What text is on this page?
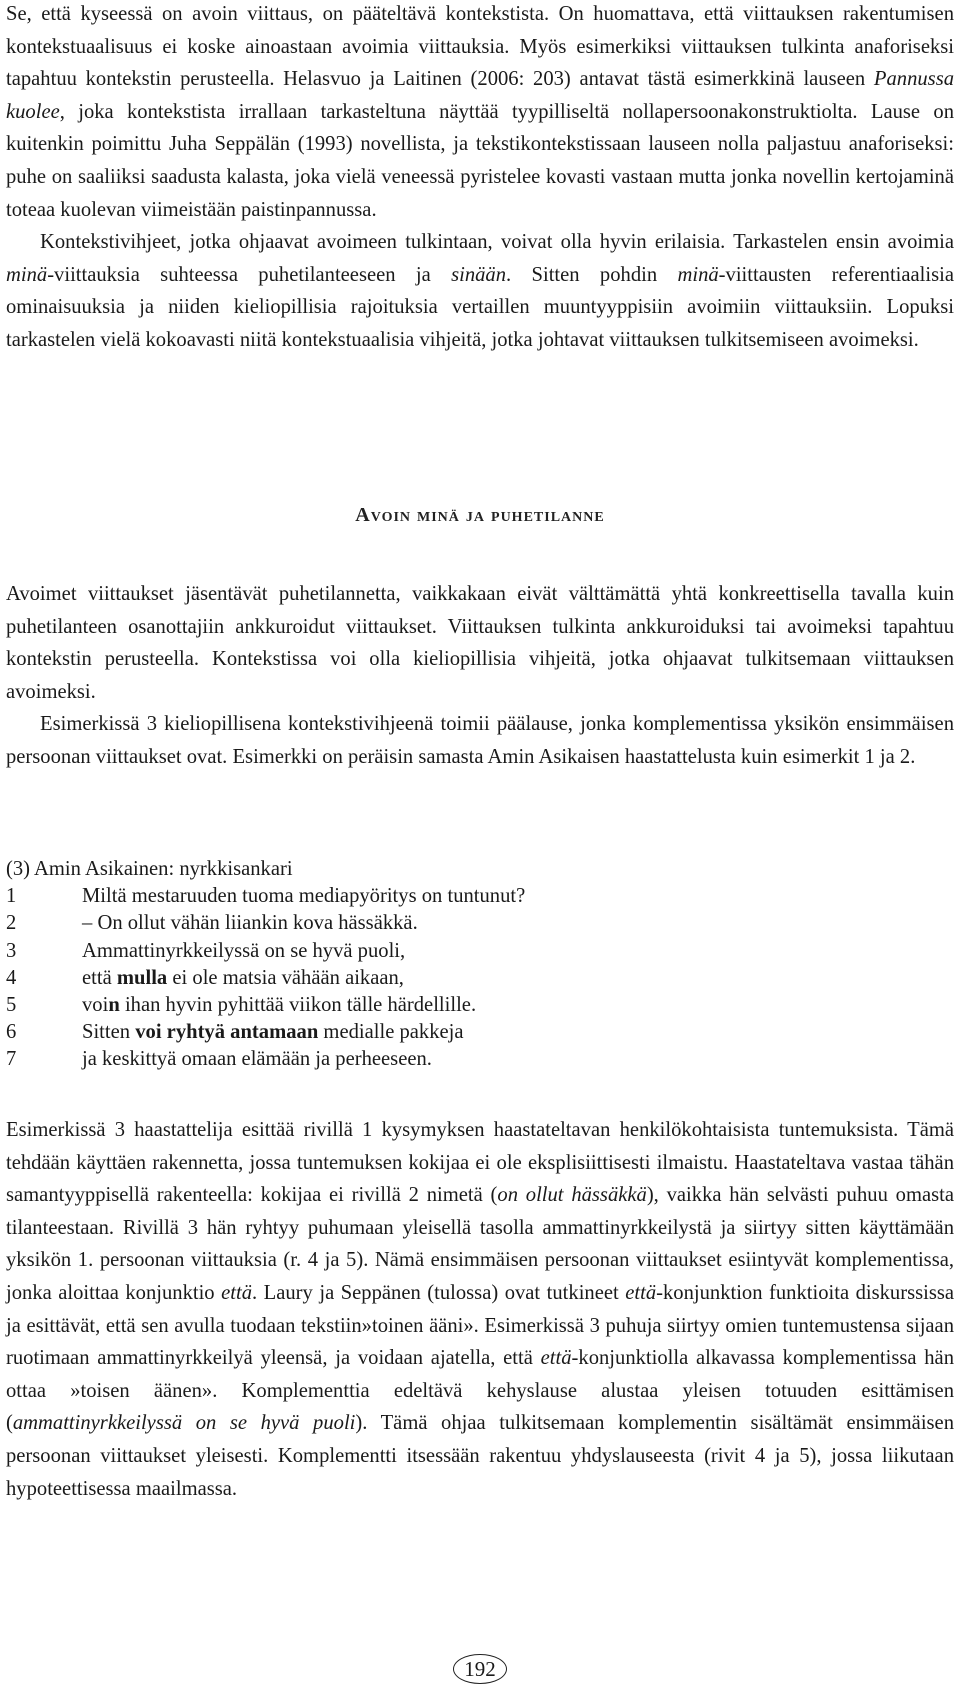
Se, että kyseessä on avoin viittaus, on pääteltävä kontekstista. On huomattava, että viittauksen rakentumisen kontekstuaalisuus ei koske ainoastaan avoimia viittauksia. Myös esimerkiksi viittauksen tulkinta anaforiseksi tapahtuu kontekstin perusteella. Helasvuo ja Laitinen (2006: 203) antavat tästä esimerkkinä lauseen Pannussa kuolee, joka kontekstista irrallaan tarkasteltuna näyttää tyypilliseltä nollapersoonakonstruktiolta. Lause on kuitenkin poimittu Juha Seppälän (1993) novellista, ja tekstikontekstissaan lauseen nolla paljastuu anaforiseksi: puhe on saaliiksi saadusta kalasta, joka vielä veneessä pyristelee kovasti vastaan mutta jonka novellin kertojaminä toteaa kuolevan viimeistään paistinpannussa.

Kontekstivihjeet, jotka ohjaavat avoimeen tulkintaan, voivat olla hyvin erilaisia. Tarkastelen ensin avoimia minä-viittauksia suhteessa puhetilanteeseen ja sinään. Sitten pohdin minä-viittausten referentiaalisia ominaisuuksia ja niiden kieliopillisia rajoituksia vertaillen muuntyyppisiin avoimiin viittauksiin. Lopuksi tarkastelen vielä kokoavasti niitä kontekstuaalisia vihjeitä, jotka johtavat viittauksen tulkitsemiseen avoimeksi.

Avoin minä ja puhetilanne

Avoimet viittaukset jäsentävät puhetilannetta, vaikkakaan eivät välttämättä yhtä konkreettisella tavalla kuin puhetilanteen osanottajiin ankkuroidut viittaukset. Viittauksen tulkinta ankkuroiduksi tai avoimeksi tapahtuu kontekstin perusteella. Kontekstissa voi olla kieliopillisia vihjeitä, jotka ohjaavat tulkitsemaan viittauksen avoimeksi.

Esimerkissä 3 kieliopillisena kontekstivihjeenä toimii päälause, jonka komplementissa yksikön ensimmäisen persoonan viittaukset ovat. Esimerkki on peräisin samasta Amin Asikaisen haastattelusta kuin esimerkit 1 ja 2.

(3) Amin Asikainen: nyrkkisankari

1	Miltä mestaruuden tuoma mediapyöritys on tuntunut?
2	– On ollut vähän liiankin kova hässäkkä.
3	Ammattinyrkkeilyssä on se hyvä puoli,
4	että mulla ei ole matsia vähään aikaan,
5	voin ihan hyvin pyhittää viikon tälle härdellille.
6	Sitten voi ryhtyä antamaan medialle pakkeja
7	ja keskittyä omaan elämään ja perheeseen.

Esimerkissä 3 haastattelija esittää rivillä 1 kysymyksen haastateltavan henkilökohtaisista tuntemuksista. Tämä tehdään käyttäen rakennetta, jossa tuntemuksen kokijaa ei ole eksplisiittisesti ilmaistu. Haastateltava vastaa tähän samantyyppisellä rakenteella: kokijaa ei rivillä 2 nimetä (on ollut hässäkkä), vaikka hän selvästi puhuu omasta tilanteestaan. Rivillä 3 hän ryhtyy puhumaan yleisellä tasolla ammattinyrkkeilystä ja siirtyy sitten käyttämään yksikön 1. persoonan viittauksia (r. 4 ja 5). Nämä ensimmäisen persoonan viittaukset esiintyvät komplementissa, jonka aloittaa konjunktio että. Laury ja Seppänen (tulossa) ovat tutkineet että-konjunktion funktioita diskurssissa ja esittävät, että sen avulla tuodaan tekstiin»toinen ääni». Esimerkissä 3 puhuja siirtyy omien tuntemustensa sijaan ruotimaan ammattinyrkkeilyä yleensä, ja voidaan ajatella, että että-konjunktiolla alkavassa komplementissa hän ottaa »toisen äänen». Komplementtia edeltävä kehyslause alustaa yleisen totuuden esittämisen (ammattinyrkkeilyssä on se hyvä puoli). Tämä ohjaa tulkitsemaan komplementin sisältämät ensimmäisen persoonan viittaukset yleisesti. Komplementti itsessään rakentuu yhdyslauseesta (rivit 4 ja 5), jossa liikutaan hypoteettisessa maailmassa.

192
